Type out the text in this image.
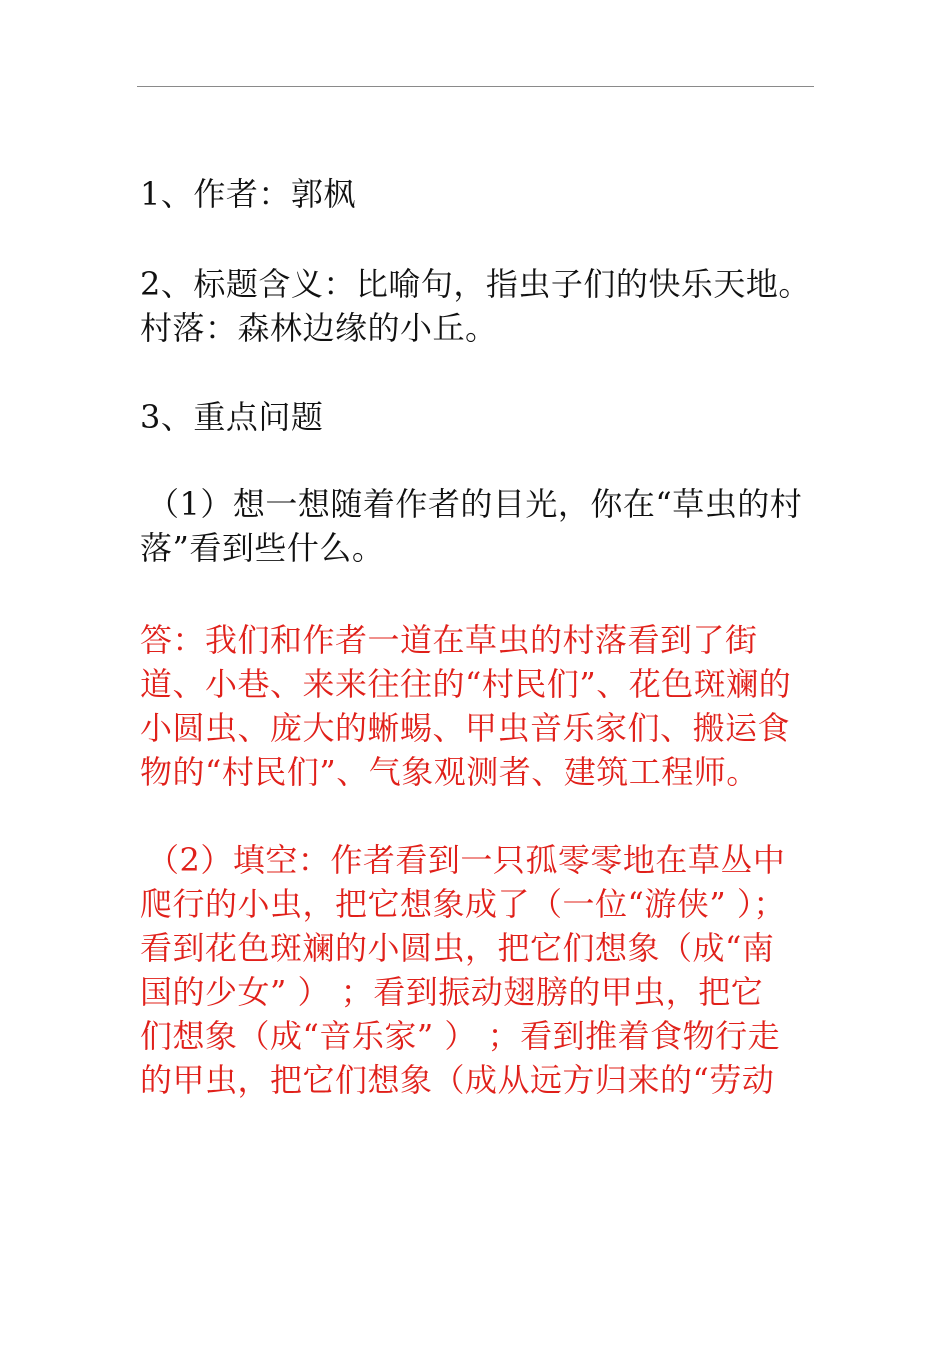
1、作者：郭枫

2、标题含义：比喻句，指虫子们的快乐天地。
村落：森林边缘的小丘。

3、重点问题

（1）想一想随着作者的目光，你在“草虫的村
落”看到些什么。

答：我们和作者一道在草虫的村落看到了街
道、小巷、来来往往的“村民们”、花色斑斓的
小圆虫、庞大的蜥蜴、甲虫音乐家们、搬运食
物的“村民们”、气象观测者、建筑工程师。

（2）填空：作者看到一只孤零零地在草丛中
爬行的小虫，把它想象成了（一位“游侠” ）；
看到花色斑斓的小圆虫，把它们想象（成“南
国的少女” ） ；看到振动翅膀的甲虫，把它
们想象（成“音乐家” ） ；看到推着食物行走
的甲虫，把它们想象（成从远方归来的“劳动
